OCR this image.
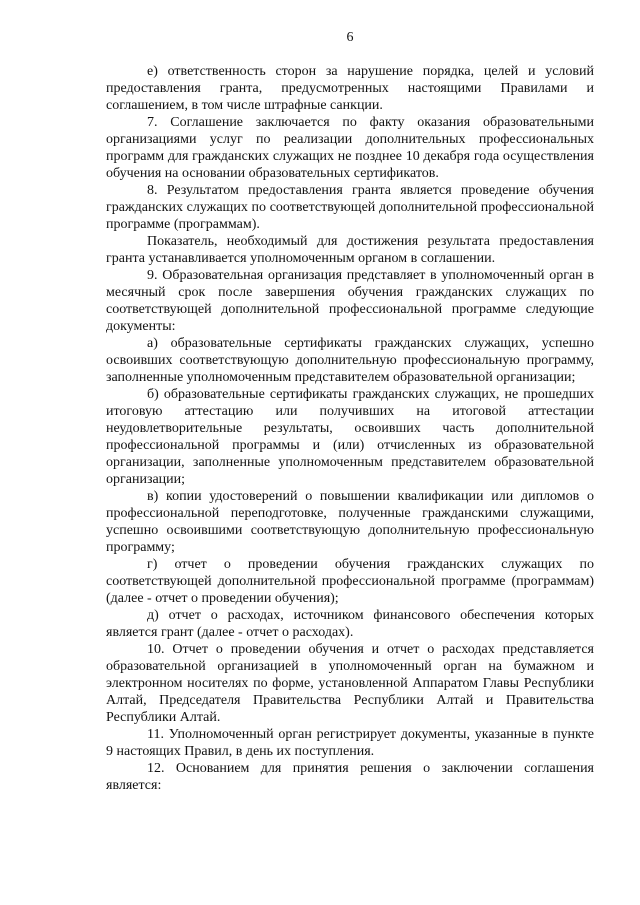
6

е) ответственность сторон за нарушение порядка, целей и условий предоставления гранта, предусмотренных настоящими Правилами и соглашением, в том числе штрафные санкции.

7. Соглашение заключается по факту оказания образовательными организациями услуг по реализации дополнительных профессиональных программ для гражданских служащих не позднее 10 декабря года осуществления обучения на основании образовательных сертификатов.

8. Результатом предоставления гранта является проведение обучения гражданских служащих по соответствующей дополнительной профессиональной программе (программам).

Показатель, необходимый для достижения результата предоставления гранта устанавливается уполномоченным органом в соглашении.

9. Образовательная организация представляет в уполномоченный орган в месячный срок после завершения обучения гражданских служащих по соответствующей дополнительной профессиональной программе следующие документы:

а) образовательные сертификаты гражданских служащих, успешно освоивших соответствующую дополнительную профессиональную программу, заполненные уполномоченным представителем образовательной организации;

б) образовательные сертификаты гражданских служащих, не прошедших итоговую аттестацию или получивших на итоговой аттестации неудовлетворительные результаты, освоивших часть дополнительной профессиональной программы и (или) отчисленных из образовательной организации, заполненные уполномоченным представителем образовательной организации;

в) копии удостоверений о повышении квалификации или дипломов о профессиональной переподготовке, полученные гражданскими служащими, успешно освоившими соответствующую дополнительную профессиональную программу;

г) отчет о проведении обучения гражданских служащих по соответствующей дополнительной профессиональной программе (программам) (далее - отчет о проведении обучения);

д) отчет о расходах, источником финансового обеспечения которых является грант (далее - отчет о расходах).

10. Отчет о проведении обучения и отчет о расходах представляется образовательной организацией в уполномоченный орган на бумажном и электронном носителях по форме, установленной Аппаратом Главы Республики Алтай, Председателя Правительства Республики Алтай и Правительства Республики Алтай.

11. Уполномоченный орган регистрирует документы, указанные в пункте 9 настоящих Правил, в день их поступления.

12. Основанием для принятия решения о заключении соглашения является:
